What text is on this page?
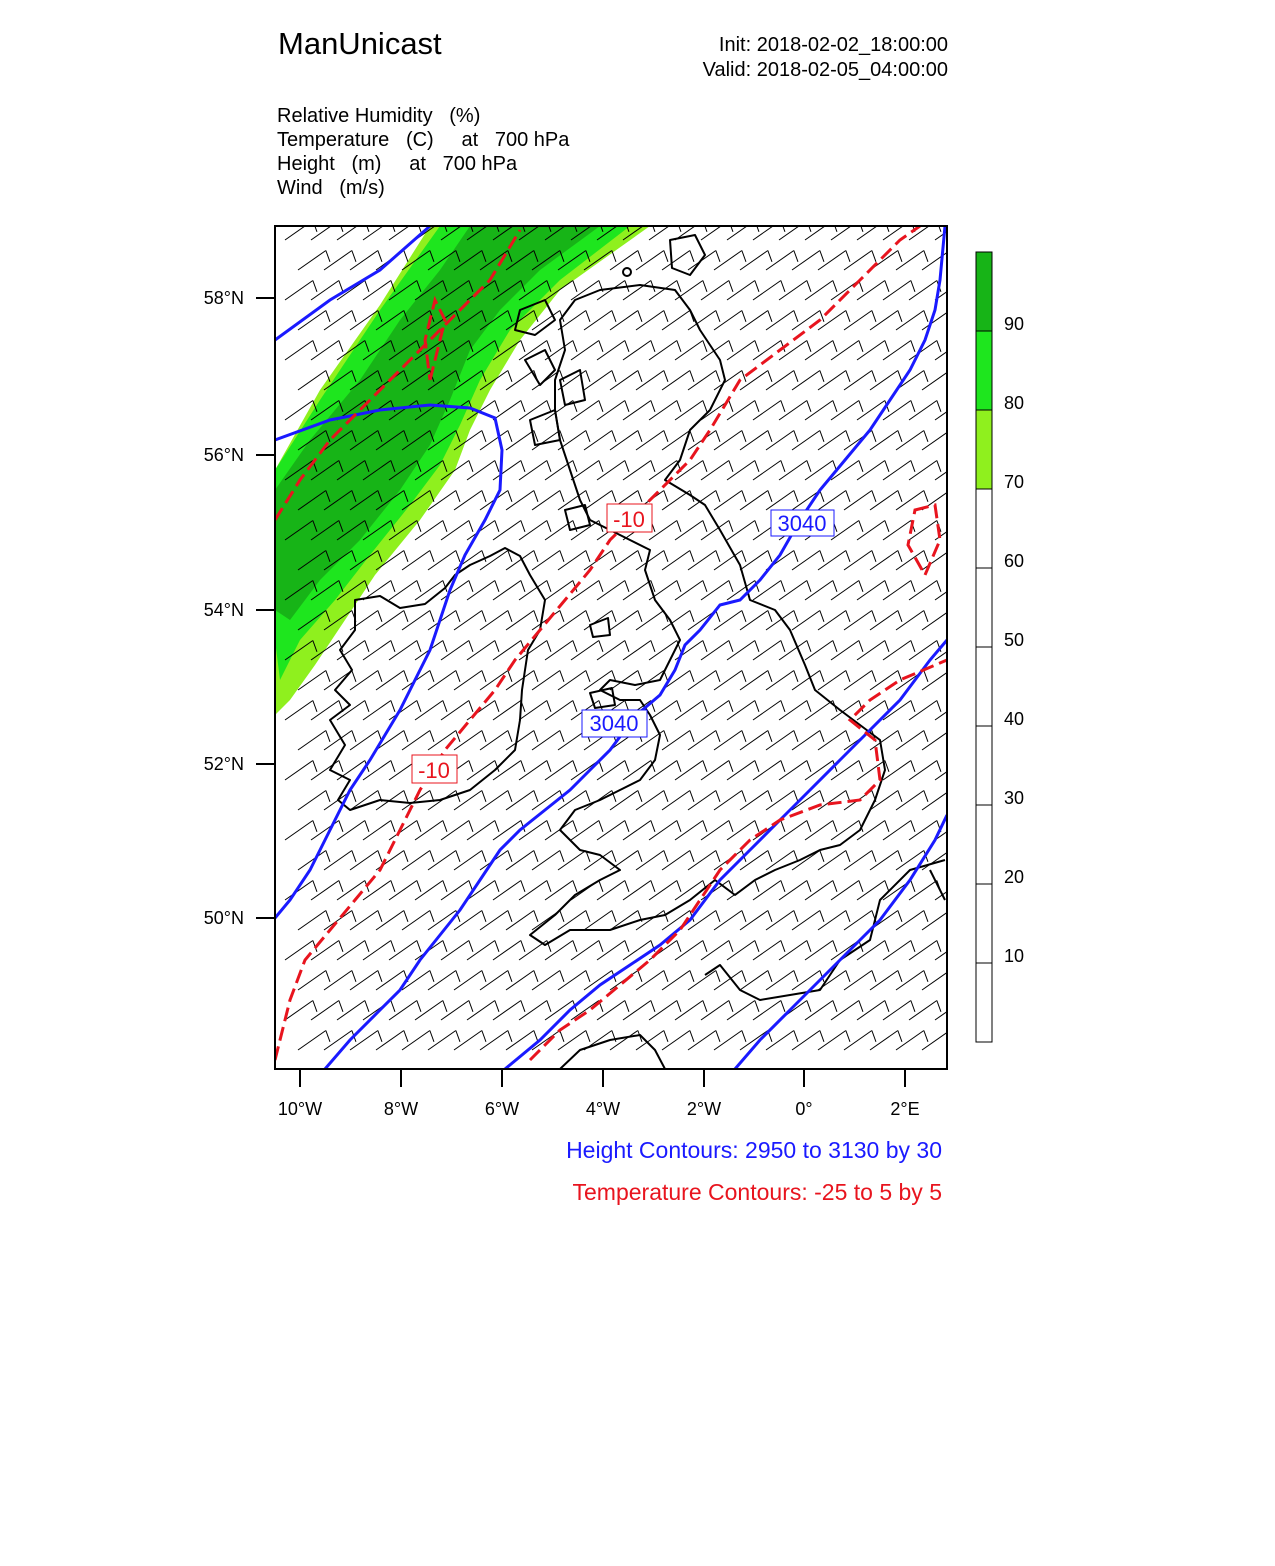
ManUnicast	Init: 2018-02-02_18:00:00
Valid: 2018-02-05_04:00:00
Relative Humidity   (%)
Temperature   (C)     at   700 hPa
Height   (m)     at   700 hPa
Wind   (m/s)
3040
3040
-10
-10
10°W	8°W	6°W	4°W	2°W	0°	2°E
58°N
56°N
54°N
52°N
50°N
90
80
70
60
50
40
30
20
10
Height Contours: 2950 to 3130 by 30
Temperature Contours: -25 to 5 by 5
